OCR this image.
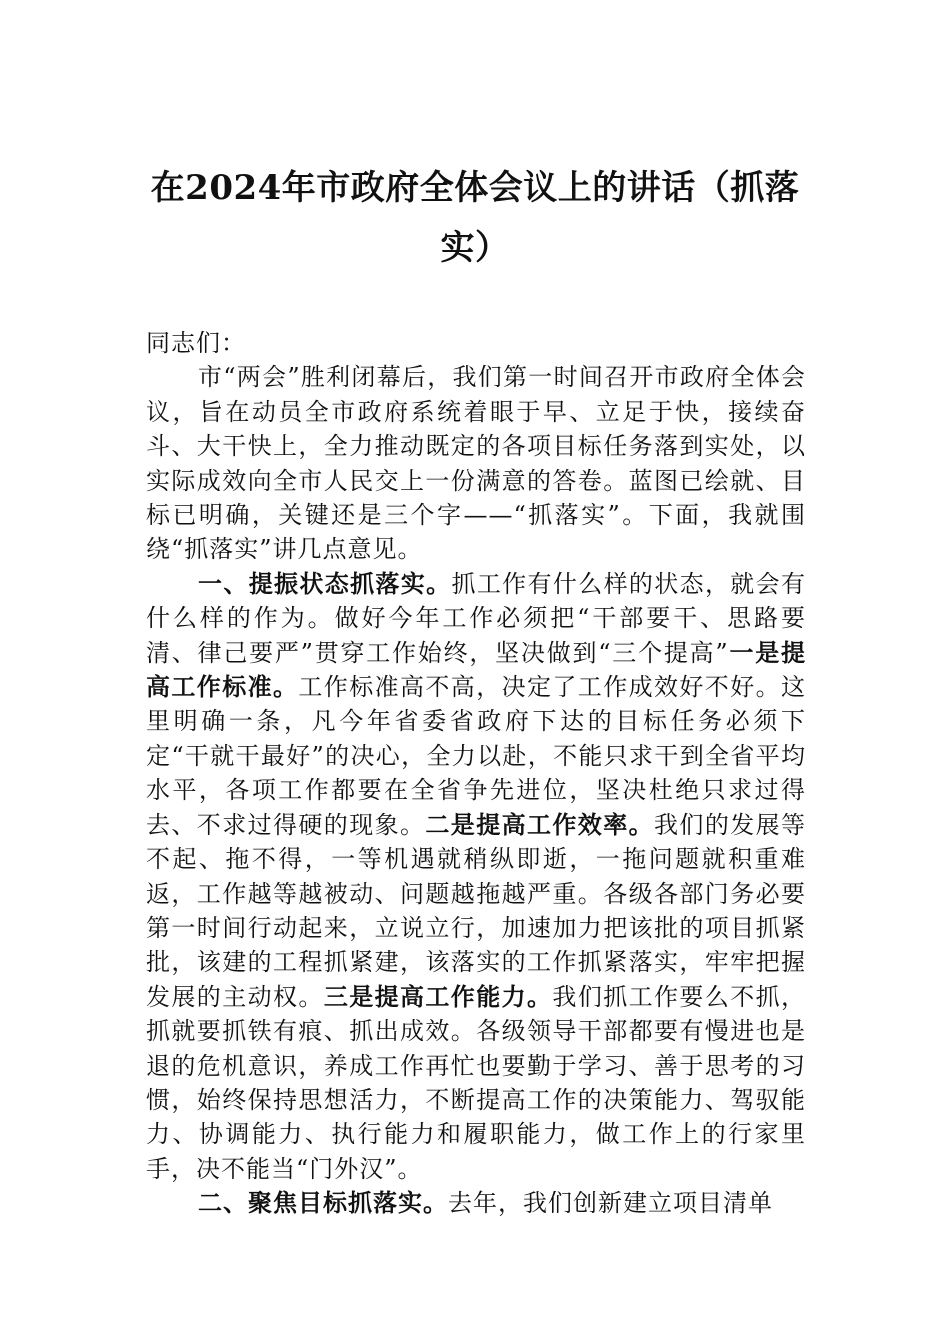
在2024年市政府全体会议上的讲话（抓落实）

同志们：

市“两会”胜利闭幕后，我们第一时间召开市政府全体会议，旨在动员全市政府系统着眼于早、立足于快，接续奋斗、大干快上，全力推动既定的各项目标任务落到实处，以实际成效向全市人民交上一份满意的答卷。蓝图已绘就、目标已明确，关键还是三个字——“抓落实”。下面，我就围绕“抓落实”讲几点意见。

一、提振状态抓落实。抓工作有什么样的状态，就会有什么样的作为。做好今年工作必须把“干部要干、思路要清、律己要严”贯穿工作始终，坚决做到“三个提高”一是提高工作标准。工作标准高不高，决定了工作成效好不好。这里明确一条，凡今年省委省政府下达的目标任务必须下定“干就干最好”的决心，全力以赴，不能只求干到全省平均水平，各项工作都要在全省争先进位，坚决杜绝只求过得去、不求过得硬的现象。二是提高工作效率。我们的发展等不起、拖不得，一等机遇就稍纵即逝，一拖问题就积重难返，工作越等越被动、问题越拖越严重。各级各部门务必要第一时间行动起来，立说立行，加速加力把该批的项目抓紧批，该建的工程抓紧建，该落实的工作抓紧落实，牢牢把握发展的主动权。三是提高工作能力。我们抓工作要么不抓，抓就要抓铁有痕、抓出成效。各级领导干部都要有慢进也是退的危机意识，养成工作再忙也要勤于学习、善于思考的习惯，始终保持思想活力，不断提高工作的决策能力、驾驭能力、协调能力、执行能力和履职能力，做工作上的行家里手，决不能当“门外汉”。

二、聚焦目标抓落实。去年，我们创新建立项目清单
